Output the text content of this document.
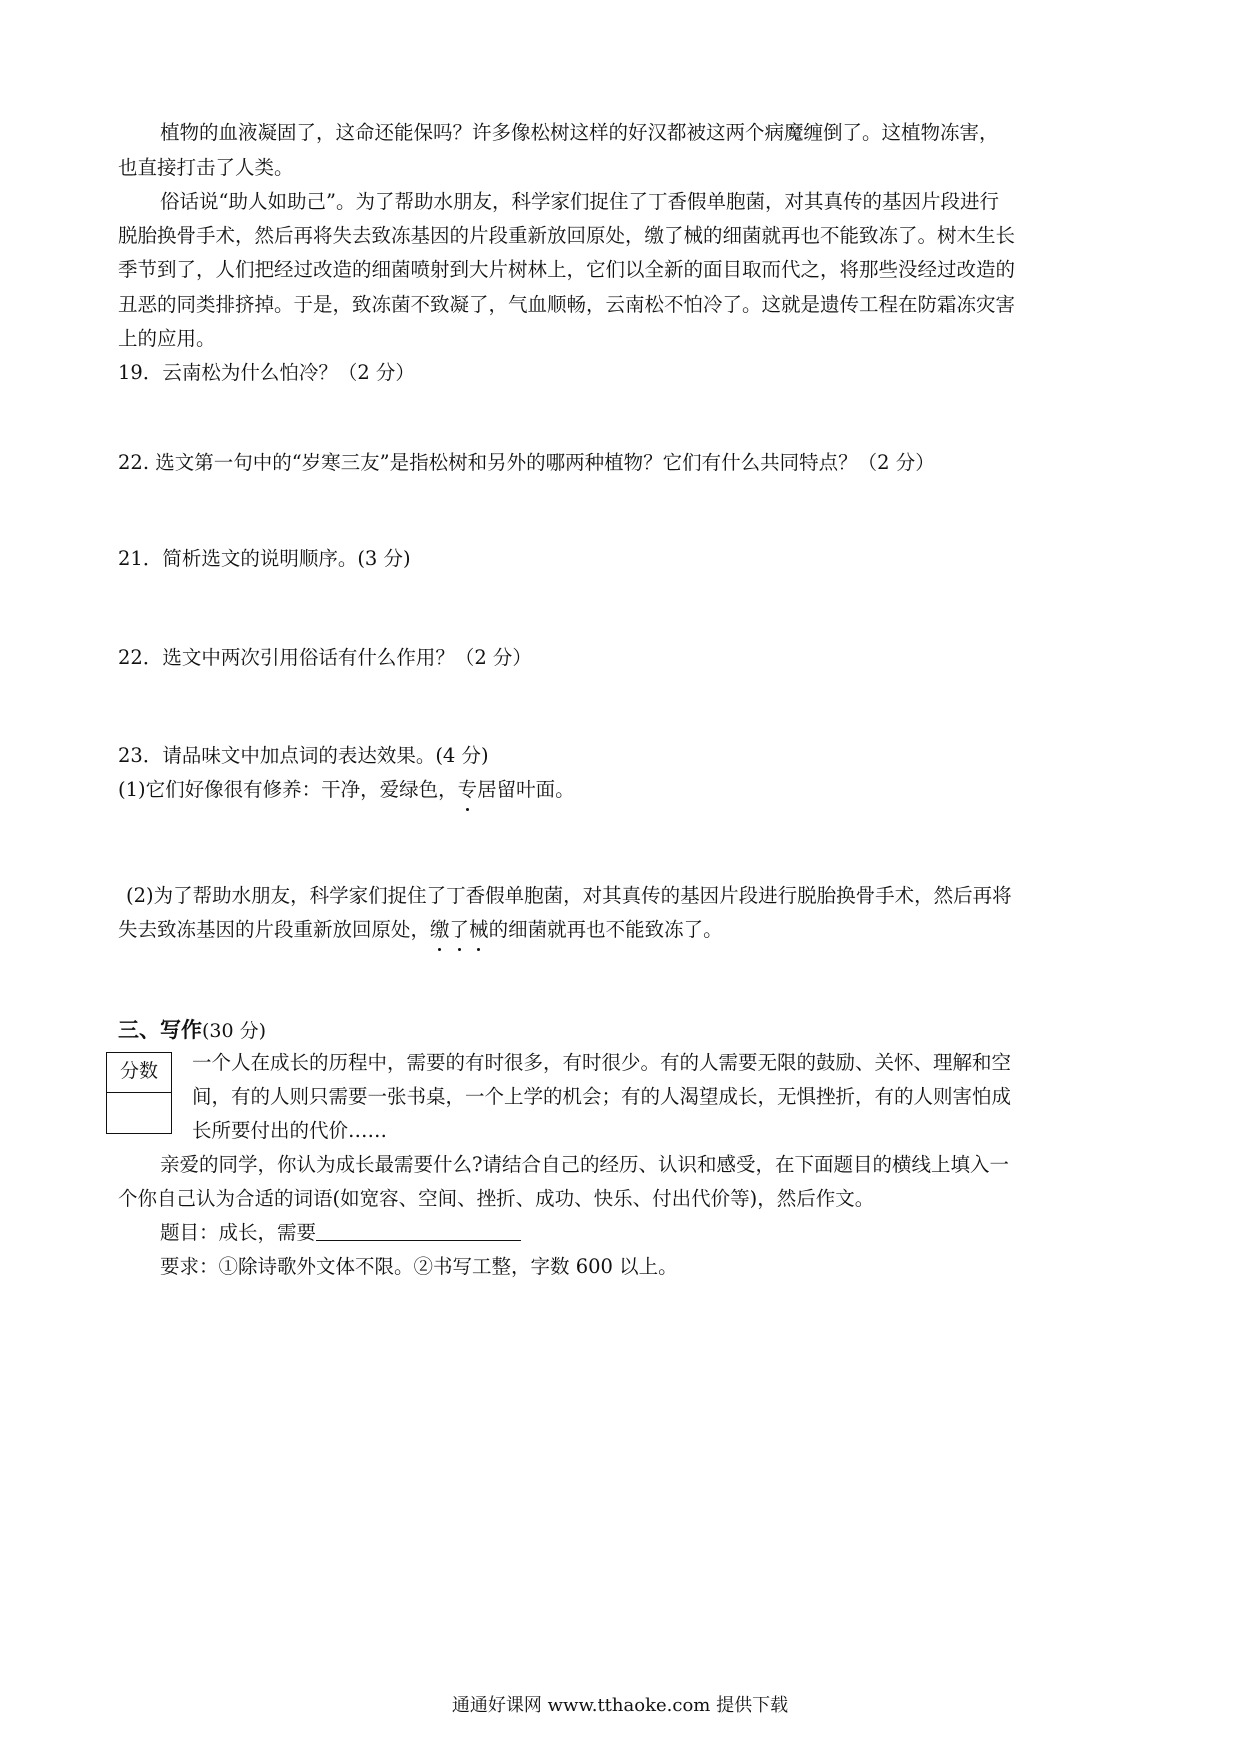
植物的血液凝固了，这命还能保吗？许多像松树这样的好汉都被这两个病魔缠倒了。这植物冻害，
也直接打击了人类。
俗话说“助人如助己”。为了帮助水朋友，科学家们捉住了丁香假单胞菌，对其真传的基因片段进行
脱胎换骨手术，然后再将失去致冻基因的片段重新放回原处，缴了械的细菌就再也不能致冻了。树木生长
季节到了，人们把经过改造的细菌喷射到大片树林上，它们以全新的面目取而代之，将那些没经过改造的
丑恶的同类排挤掉。于是，致冻菌不致凝了，气血顺畅，云南松不怕冷了。这就是遗传工程在防霜冻灾害
上的应用。
19．云南松为什么怕冷？（2 分）
22. 选文第一句中的“岁寒三友”是指松树和另外的哪两种植物？它们有什么共同特点？（2 分）
21．简析选文的说明顺序。(3 分)
22．选文中两次引用俗话有什么作用？（2 分）
23．请品味文中加点词的表达效果。(4 分)
(1)它们好像很有修养：干净，爱绿色，专居留叶面。
(2)为了帮助水朋友，科学家们捉住了丁香假单胞菌，对其真传的基因片段进行脱胎换骨手术，然后再将
失去致冻基因的片段重新放回原处，缴了械的细菌就再也不能致冻了。
三、写作(30 分)
分数	一个人在成长的历程中，需要的有时很多，有时很少。有的人需要无限的鼓励、关怀、理解和空
间，有的人则只需要一张书桌，一个上学的机会；有的人渴望成长，无惧挫折，有的人则害怕成
长所要付出的代价……
亲爱的同学，你认为成长最需要什么?请结合自己的经历、认识和感受，在下面题目的横线上填入一
个你自己认为合适的词语(如宽容、空间、挫折、成功、快乐、付出代价等)，然后作文。
题目：成长，需要
要求：①除诗歌外文体不限。②书写工整，字数 600 以上。
通通好课网 www.tthaoke.com 提供下载
